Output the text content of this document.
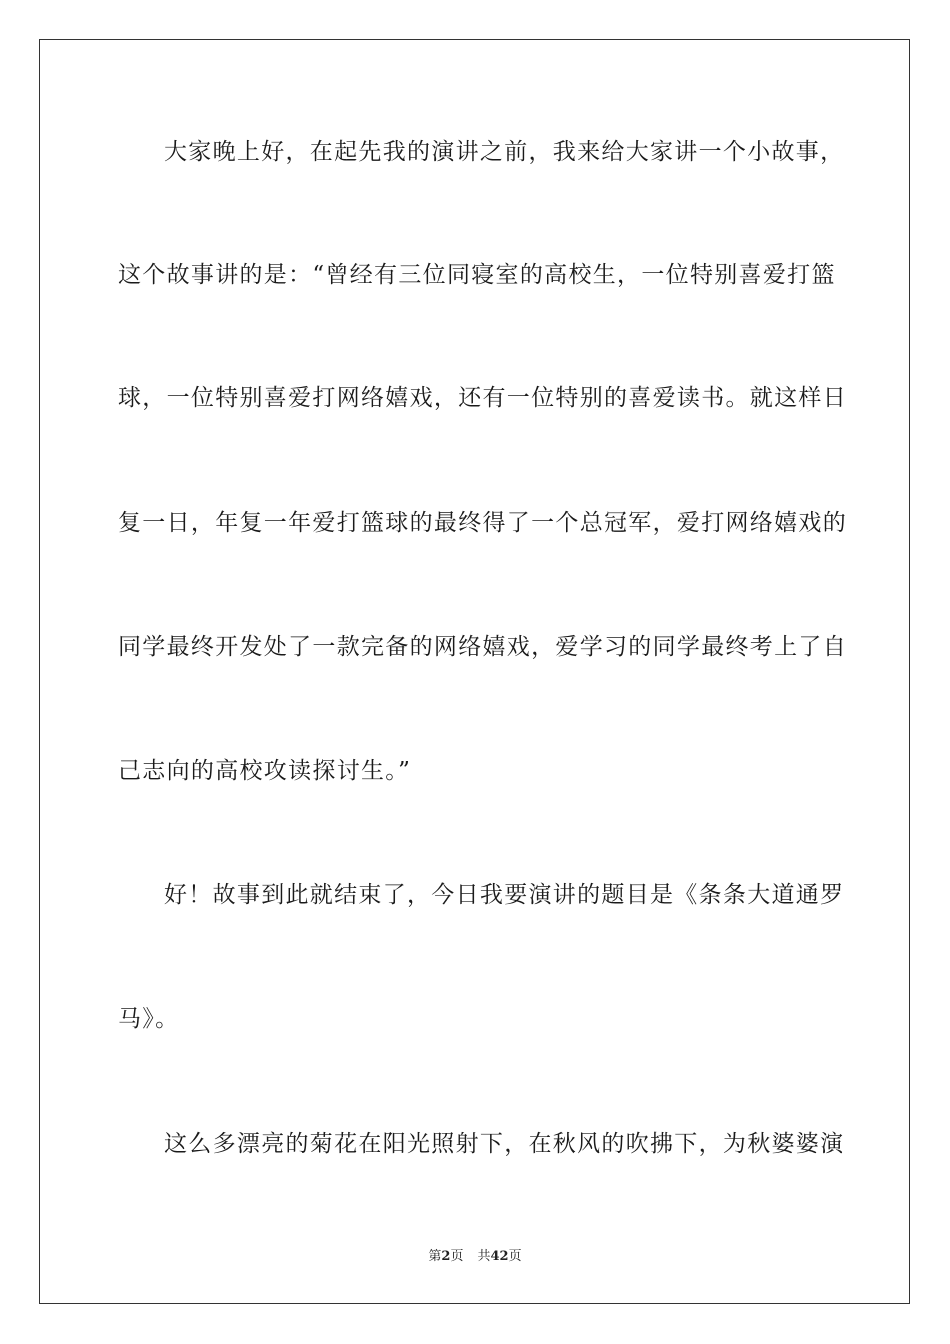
大家晚上好，在起先我的演讲之前，我来给大家讲一个小故事，
这个故事讲的是：“曾经有三位同寝室的高校生，一位特别喜爱打篮
球，一位特别喜爱打网络嬉戏，还有一位特别的喜爱读书。就这样日
复一日，年复一年爱打篮球的最终得了一个总冠军，爱打网络嬉戏的
同学最终开发处了一款完备的网络嬉戏，爱学习的同学最终考上了自
己志向的高校攻读探讨生。”
好！故事到此就结束了，今日我要演讲的题目是《条条大道通罗
马》。
这么多漂亮的菊花在阳光照射下，在秋风的吹拂下，为秋婆婆演
第2页 共42页
